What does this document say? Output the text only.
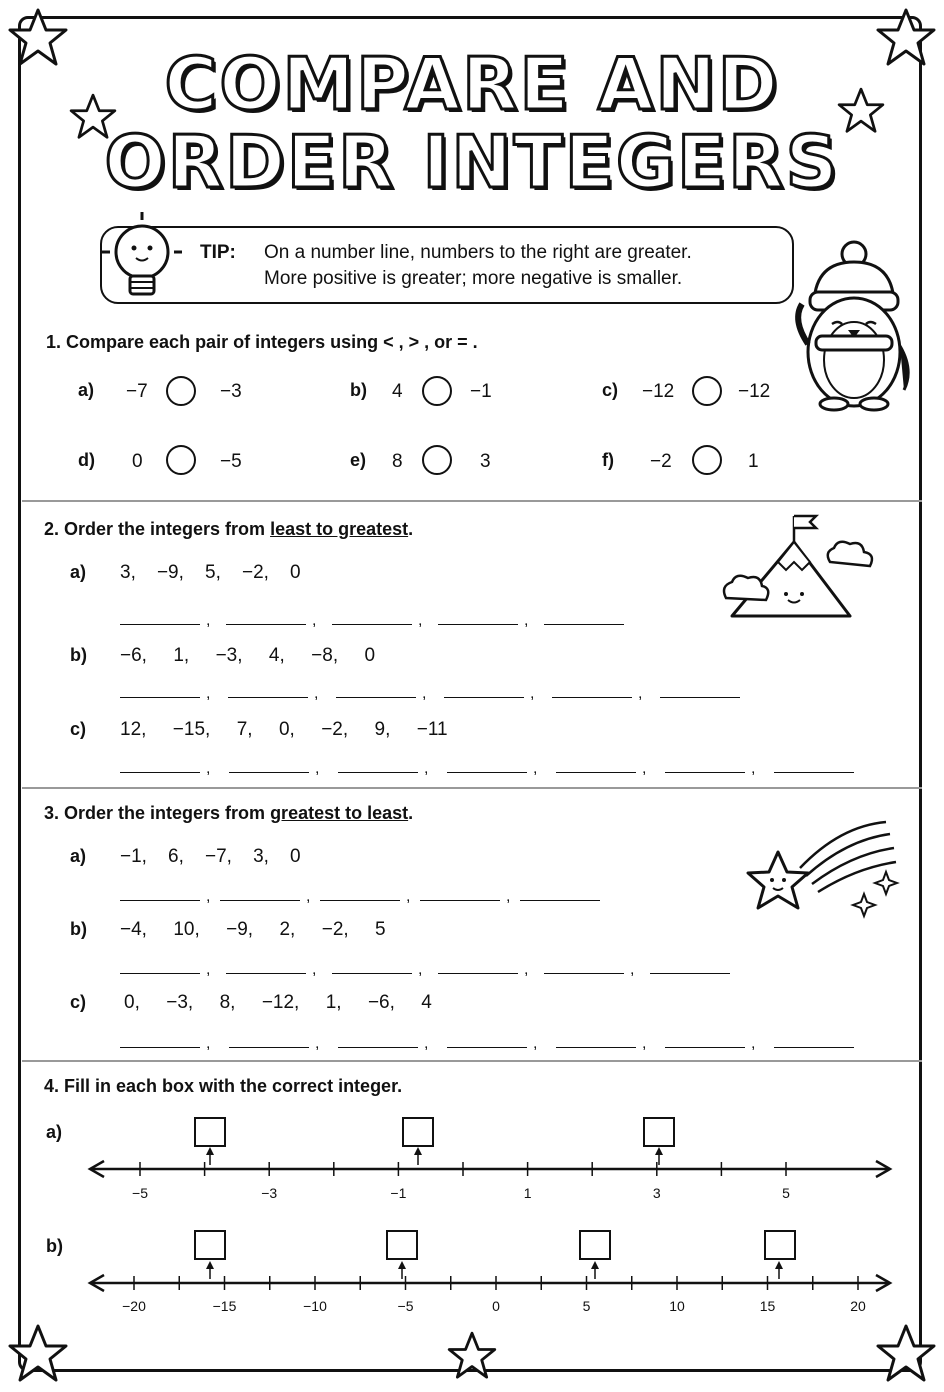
COMPARE AND
ORDER INTEGERS
TIP: On a number line, numbers to the right are greater.
More positive is greater; more negative is smaller.
1. Compare each pair of integers using < , > , or = .
a) −7	−3	b) 4	−1	c) −12	−12
d) 0	−5	e) 8	3	f) −2	1
2. Order the integers from least to greatest.
a) 3,    −9,    5,    −2,    0
b) −6,     1,     −3,     4,     −8,     0
c) 12,     −15,     7,     0,     −2,     9,     −11
3. Order the integers from greatest to least.
a) −1,    6,    −7,    3,    0
b) −4,     10,     −9,     2,     −2,     5
c) 0,     −3,     8,     −12,     1,     −6,     4
4. Fill in each box with the correct integer.
a)
b)
,	,	,	,
,	,	,	,	,
,	,	,	,	,	,
,	,	,	,
,	,	,	,	,
,	,	,	,	,	,
−5	−3	−1	1	3	5
−20	−15	−10	−5	0	5	10	15	20
